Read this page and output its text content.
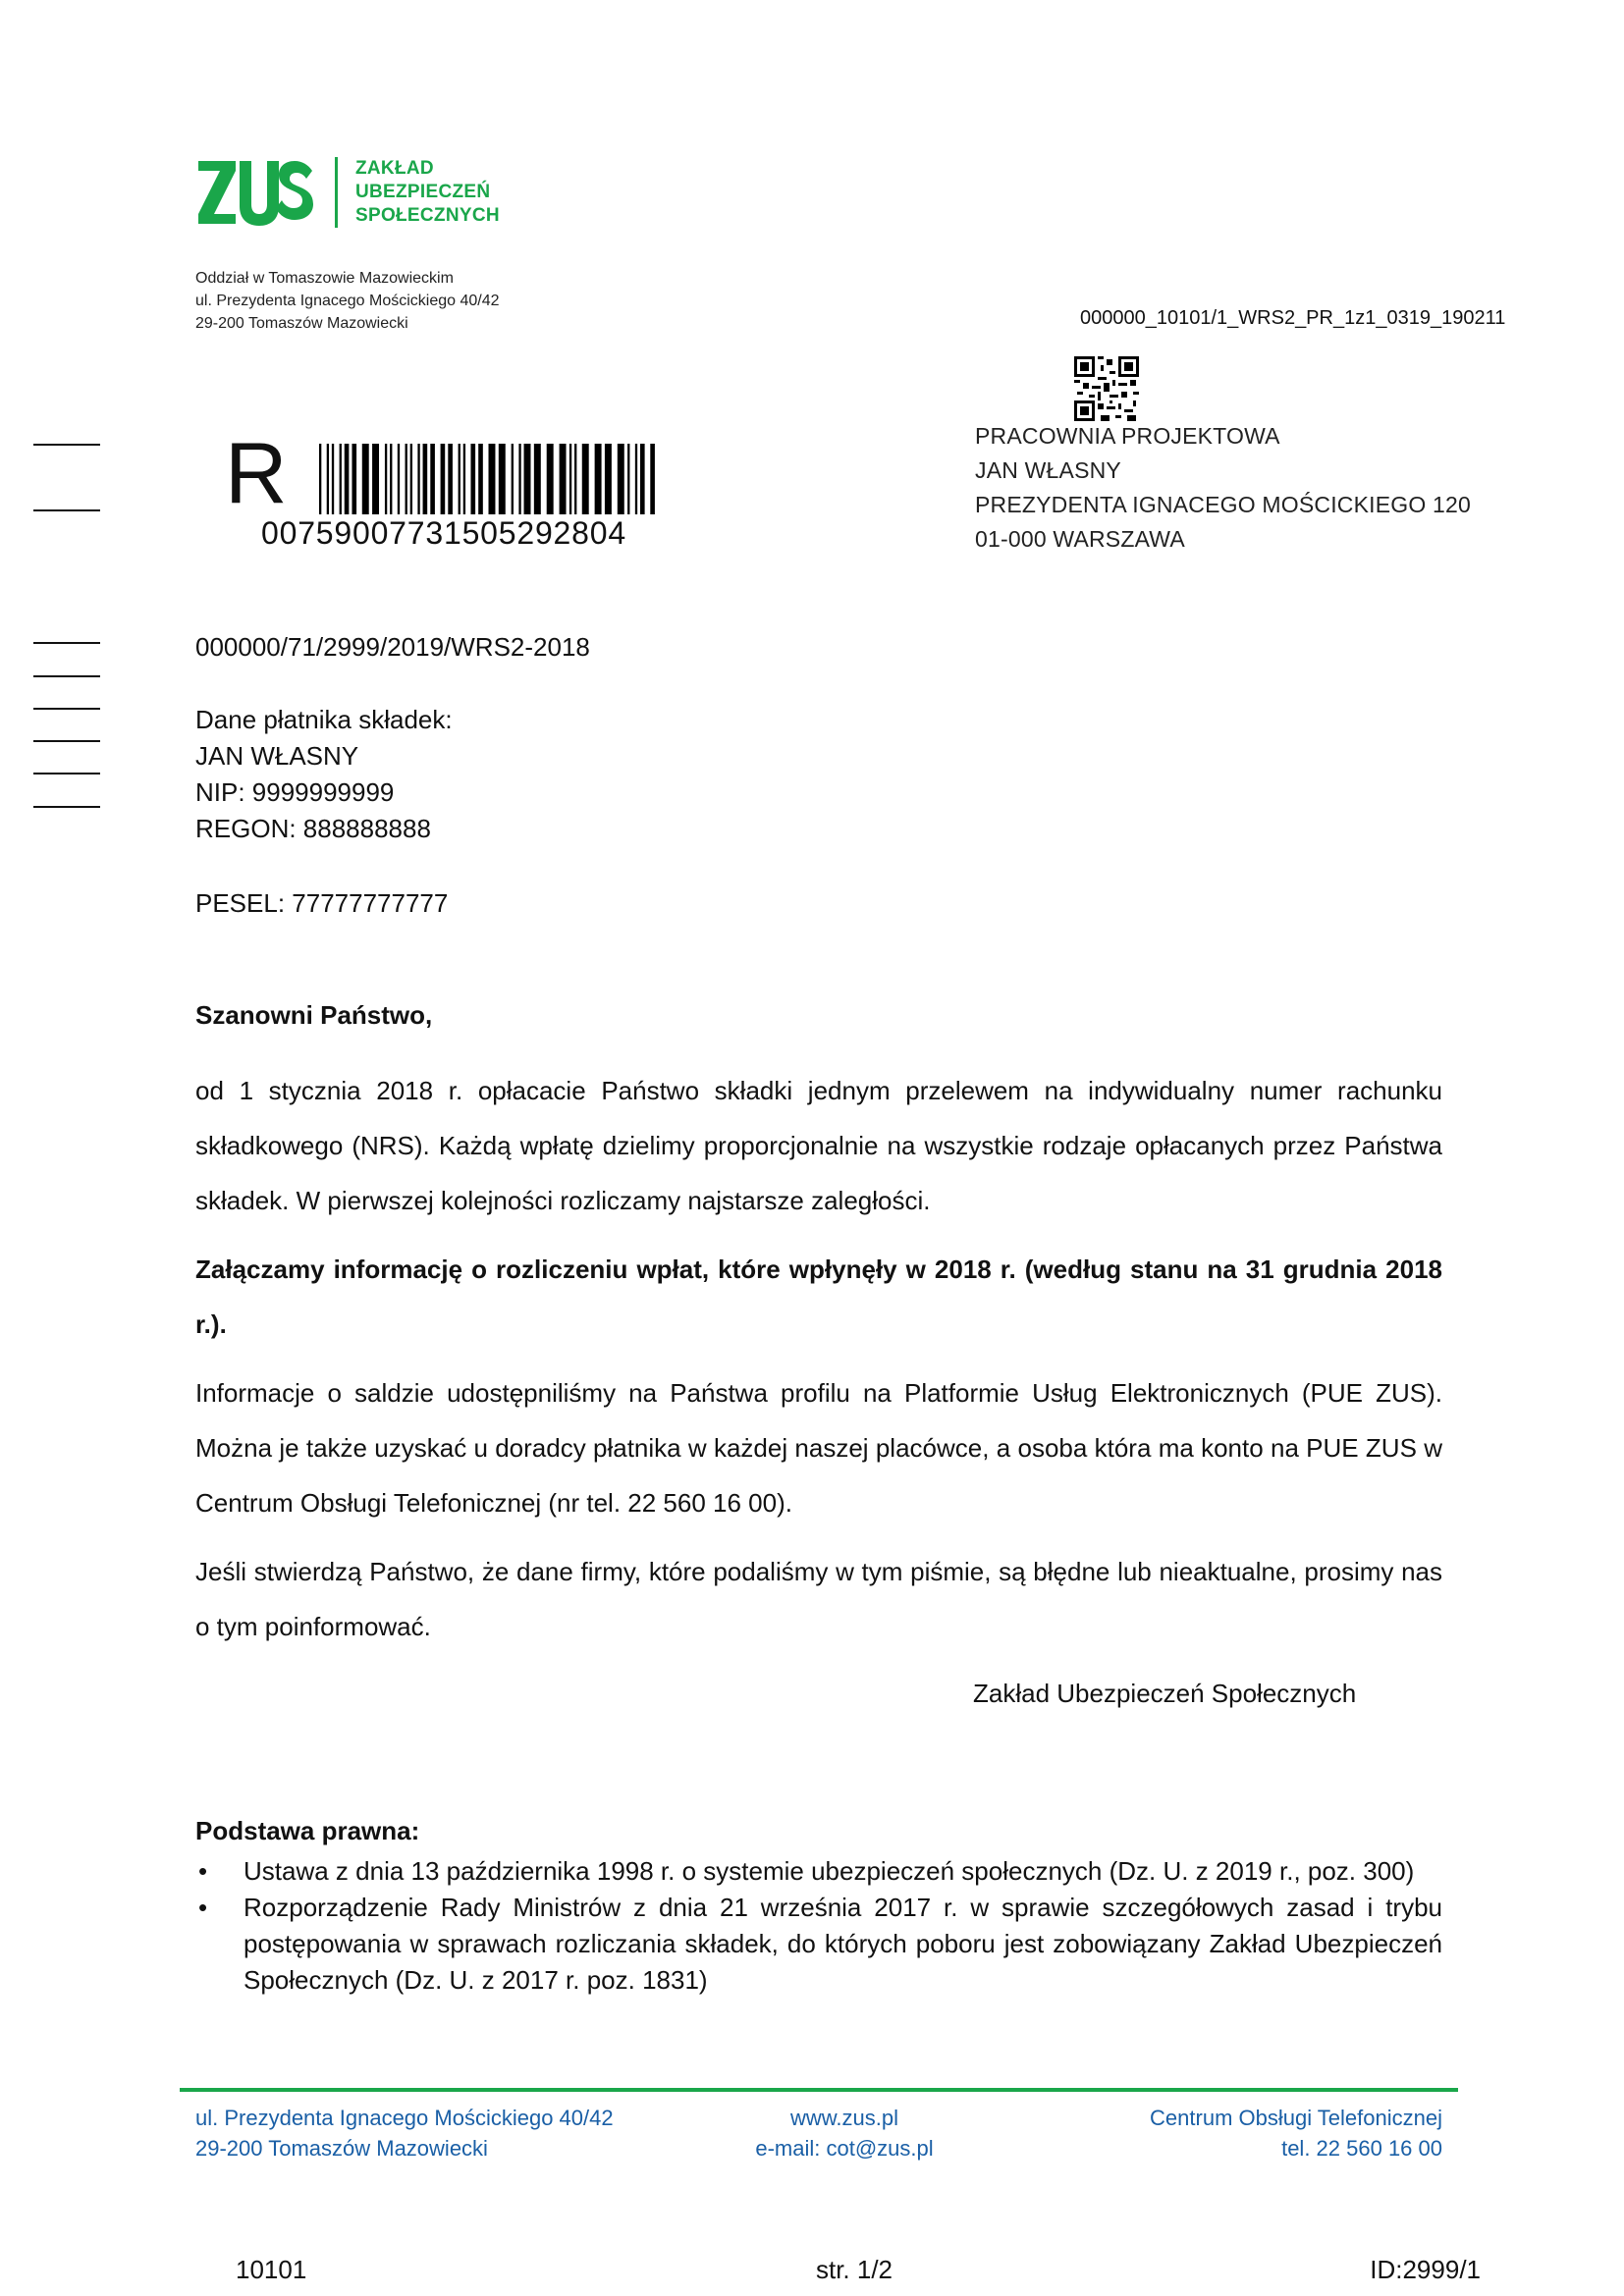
ZAKŁAD
UBEZPIECZEŃ
SPOŁECZNYCH
Oddział w Tomaszowie Mazowieckim
ul. Prezydenta Ignacego Mościckiego 40/42
29-200 Tomaszów Mazowiecki	000000_10101/1_WRS2_PR_1z1_0319_190211
PRACOWNIA PROJEKTOWA
JAN WŁASNY
PREZYDENTA IGNACEGO MOŚCICKIEGO 120
01-000 WARSZAWA
R
00759007731505292804
000000/71/2999/2019/WRS2-2018
Dane płatnika składek:
JAN WŁASNY
NIP: 9999999999
REGON: 888888888
PESEL: 77777777777
Szanowni Państwo,
od 1 stycznia 2018 r. opłacacie Państwo składki jednym przelewem na indywidualny numer rachunku składkowego (NRS). Każdą wpłatę dzielimy proporcjonalnie na wszystkie rodzaje opłacanych przez Państwa składek. W pierwszej kolejności rozliczamy najstarsze zaległości.
Załączamy informację o rozliczeniu wpłat, które wpłynęły w 2018 r. (według stanu na 31 grudnia 2018 r.).
Informacje o saldzie udostępniliśmy na Państwa profilu na Platformie Usług Elektronicznych (PUE ZUS). Można je także uzyskać u doradcy płatnika w każdej naszej placówce, a osoba która ma konto na PUE ZUS w Centrum Obsługi Telefonicznej (nr tel. 22 560 16 00).
Jeśli stwierdzą Państwo, że dane firmy, które podaliśmy w tym piśmie, są błędne lub nieaktualne, prosimy nas o tym poinformować.
Zakład Ubezpieczeń Społecznych
Podstawa prawna:
• Ustawa z dnia 13 października 1998 r. o systemie ubezpieczeń społecznych (Dz. U. z 2019 r., poz. 300)
• Rozporządzenie Rady Ministrów z dnia 21 września 2017 r. w sprawie szczegółowych zasad i trybu postępowania w sprawach rozliczania składek, do których poboru jest zobowiązany Zakład Ubezpieczeń Społecznych (Dz. U. z 2017 r. poz. 1831)
ul. Prezydenta Ignacego Mościckiego 40/42
29-200 Tomaszów Mazowiecki
www.zus.pl
e-mail: cot@zus.pl
Centrum Obsługi Telefonicznej
tel. 22 560 16 00
10101	str. 1/2	ID:2999/1
